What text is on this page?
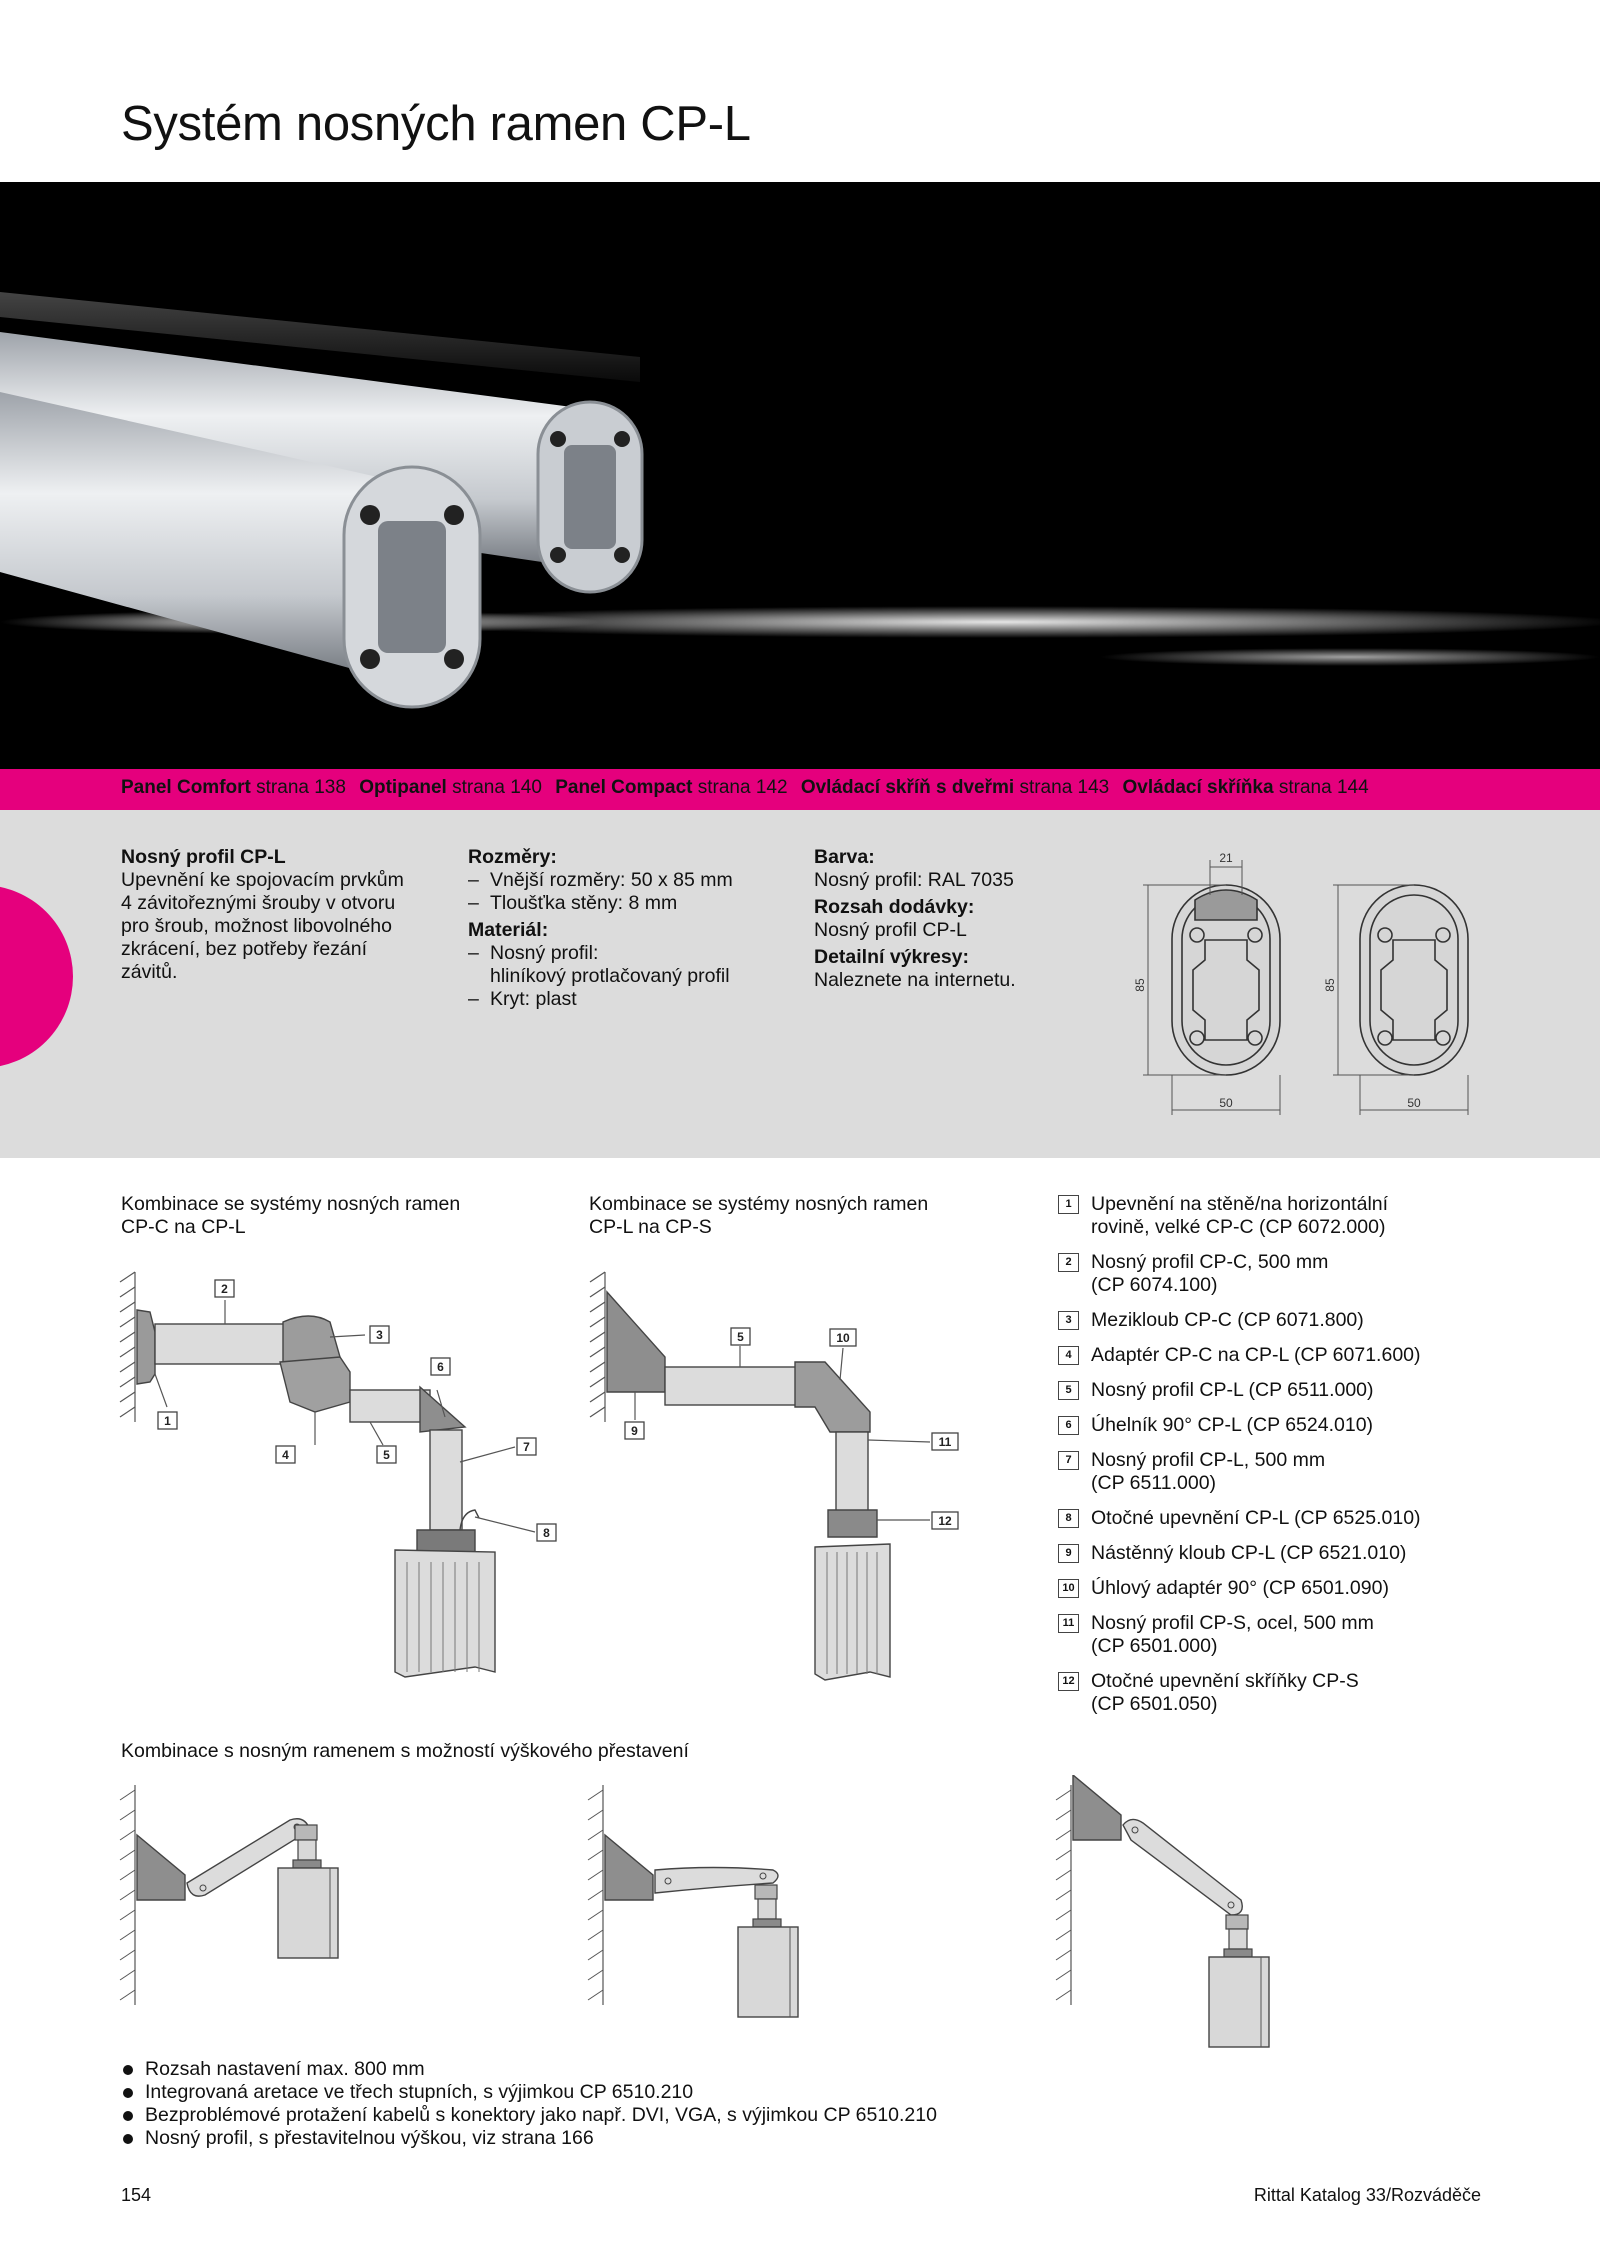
Systém nosných ramen CP-L
Panel Comfort strana 138 Optipanel strana 140 Panel Compact strana 142 Ovládací skříň s dveřmi strana 143 Ovládací skříňka strana 144
Nosný profil CP-L
Upevnění ke spojovacím prvkům
4 závitořeznými šrouby v otvoru
pro šroub, možnost libovolného
zkrácení, bez potřeby řezání
závitů.
Rozměry:
– Vnější rozměry: 50 x 85 mm
– Tloušťka stěny: 8 mm
Materiál:
– Nosný profil:
hliníkový protlačovaný profil
– Kryt: plast
Barva:
Nosný profil: RAL 7035
Rozsah dodávky:
Nosný profil CP-L
Detailní výkresy:
Naleznete na internetu.
21
50	50
85	85
Kombinace se systémy nosných ramen
CP-C na CP-L
Kombinace se systémy nosných ramen
CP-L na CP-S
1
2
3
4	5
6
7
8
5	10
9
11
12
1 Upevnění na stěně/na horizontální
rovině, velké CP-C (CP 6072.000)
2 Nosný profil CP-C, 500 mm
(CP 6074.100)
3 Mezikloub CP-C (CP 6071.800)
4 Adaptér CP-C na CP-L (CP 6071.600)
5 Nosný profil CP-L (CP 6511.000)
6 Úhelník 90° CP-L (CP 6524.010)
7 Nosný profil CP-L, 500 mm
(CP 6511.000)
8 Otočné upevnění CP-L (CP 6525.010)
9 Nástěnný kloub CP-L (CP 6521.010)
10 Úhlový adaptér 90° (CP 6501.090)
11 Nosný profil CP-S, ocel, 500 mm
(CP 6501.000)
12 Otočné upevnění skříňky CP-S
(CP 6501.050)
Kombinace s nosným ramenem s možností výškového přestavení
Rozsah nastavení max. 800 mm
Integrovaná aretace ve třech stupních, s výjimkou CP 6510.210
Bezproblémové protažení kabelů s konektory jako např. DVI, VGA, s výjimkou CP 6510.210
Nosný profil, s přestavitelnou výškou, viz strana 166
154	Rittal Katalog 33/Rozváděče
